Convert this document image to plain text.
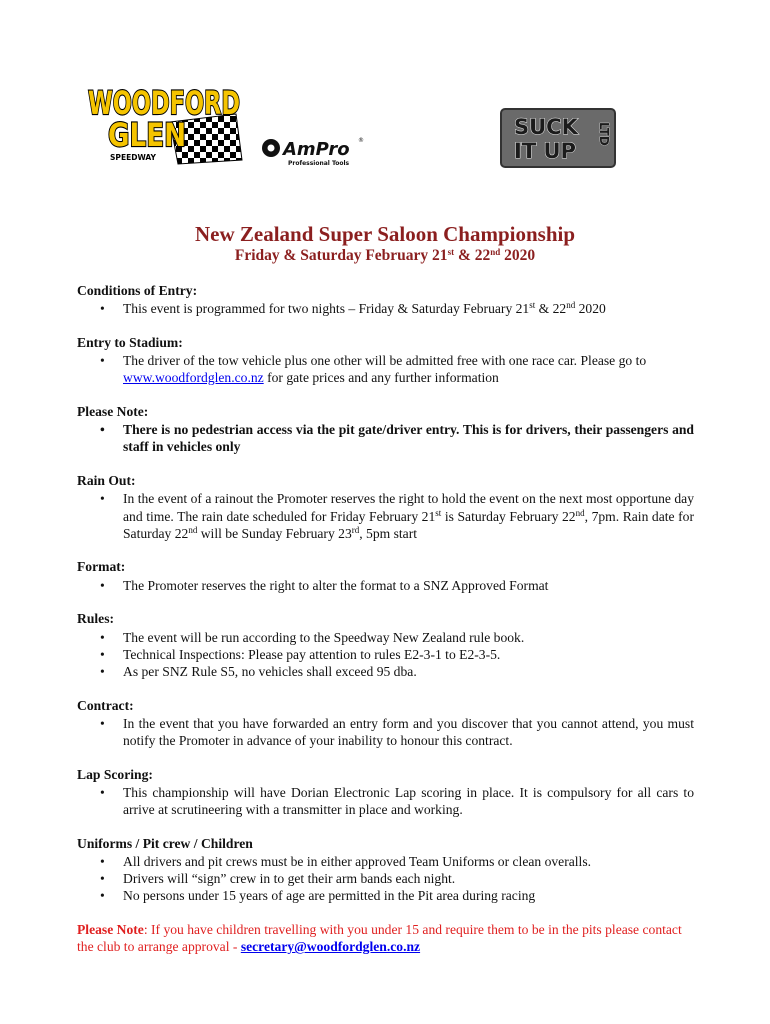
WOODFORD
GLEN
SPEEDWAY	AmPro ®
Professional Tools
SUCK
IT UP
LTD
New Zealand Super Saloon Championship
Friday & Saturday February 21st & 22nd 2020
Conditions of Entry:
• This event is programmed for two nights – Friday & Saturday February 21st & 22nd 2020
Entry to Stadium:
• The driver of the tow vehicle plus one other will be admitted free with one race car. Please go to www.woodfordglen.co.nz for gate prices and any further information
Please Note:
• There is no pedestrian access via the pit gate/driver entry. This is for drivers, their passengers and staff in vehicles only
Rain Out:
• In the event of a rainout the Promoter reserves the right to hold the event on the next most opportune day and time. The rain date scheduled for Friday February 21st is Saturday February 22nd, 7pm. Rain date for Saturday 22nd will be Sunday February 23rd, 5pm start
Format:
• The Promoter reserves the right to alter the format to a SNZ Approved Format
Rules:
• The event will be run according to the Speedway New Zealand rule book.
• Technical Inspections: Please pay attention to rules E2-3-1 to E2-3-5.
• As per SNZ Rule S5, no vehicles shall exceed 95 dba.
Contract:
• In the event that you have forwarded an entry form and you discover that you cannot attend, you must notify the Promoter in advance of your inability to honour this contract.
Lap Scoring:
• This championship will have Dorian Electronic Lap scoring in place. It is compulsory for all cars to arrive at scrutineering with a transmitter in place and working.
Uniforms / Pit crew / Children
• All drivers and pit crews must be in either approved Team Uniforms or clean overalls.
• Drivers will “sign” crew in to get their arm bands each night.
• No persons under 15 years of age are permitted in the Pit area during racing
Please Note: If you have children travelling with you under 15 and require them to be in the pits please contact the club to arrange approval - secretary@woodfordglen.co.nz
